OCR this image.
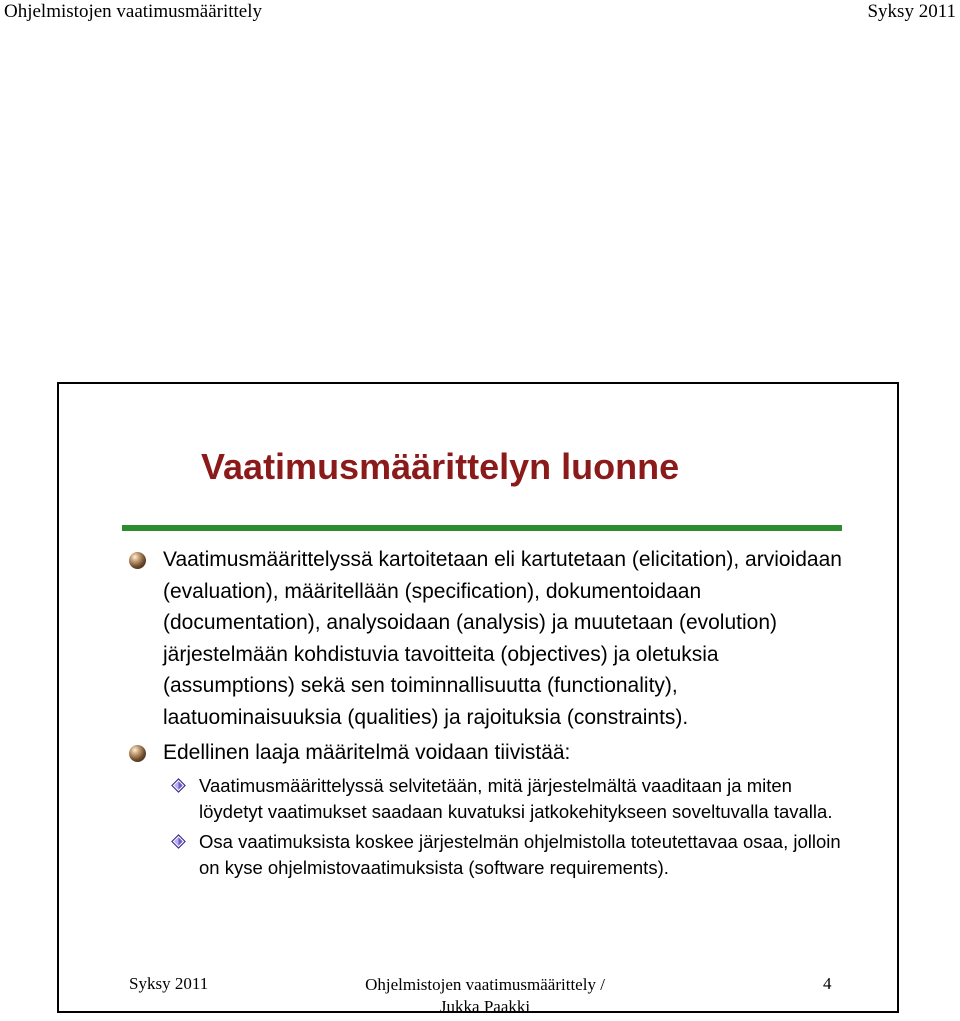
Ohjelmistojen vaatimusmäärittely	Syksy 2011
Vaatimusmäärittelyn luonne
Vaatimusmäärittelyssä kartoitetaan eli kartutetaan (elicitation), arvioidaan (evaluation), määritellään (specification), dokumentoidaan (documentation), analysoidaan (analysis) ja muutetaan (evolution) järjestelmään kohdistuvia tavoitteita (objectives) ja oletuksia (assumptions) sekä sen toiminnallisuutta (functionality), laatuominaisuuksia (qualities) ja rajoituksia (constraints).
Edellinen laaja määritelmä voidaan tiivistää:
Vaatimusmäärittelyssä selvitetään, mitä järjestelmältä vaaditaan ja miten löydetyt vaatimukset saadaan kuvatuksi jatkokehitykseen soveltuvalla tavalla.
Osa vaatimuksista koskee järjestelmän ohjelmistolla toteutettavaa osaa, jolloin on kyse ohjelmistovaatimuksista (software requirements).
Syksy 2011	Ohjelmistojen vaatimusmäärittely /
Jukka Paakki
4
